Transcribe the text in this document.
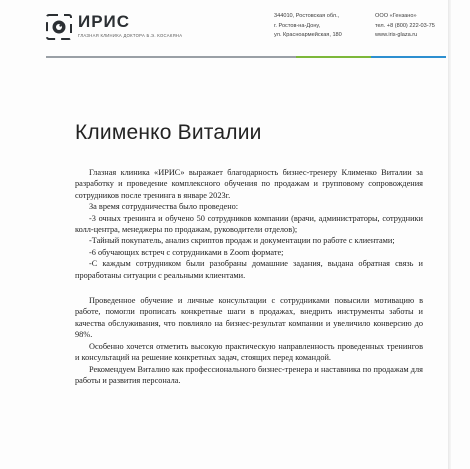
ИРИС
ГЛАЗНАЯ КЛИНИКА ДОКТОРА Б.Э. КОСАКЯНА
344010, Ростовская обл.,
г. Ростов-на-Дону,
ул. Красноармейская, 180
ООО «Гензано»
тел. +8 (800) 222-03-75
www.iris-glaza.ru
Клименко Виталии

Глазная клиника «ИРИС» выражает благодарность бизнес-тренеру Клименко Виталии за разработку и проведение комплексного обучения по продажам и групповому сопровождения сотрудников после тренинга в январе 2023г.

За время сотрудничества было проведено:

-3 очных тренинга и обучено 50 сотрудников компании (врачи, администраторы, сотрудники колл-центра, менеджеры по продажам, руководители отделов);

-Тайный покупатель, анализ скриптов продаж и документации по работе с клиентами;

-6 обучающих встреч с сотрудниками в Zoom формате;

-С каждым сотрудником были разобраны домашние задания, выдана обратная связь и проработаны ситуации с реальными клиентами.

Проведенное обучение и личные консультации с сотрудниками повысили мотивацию в работе, помогли прописать конкретные шаги в продажах, внедрить инструменты заботы и качества обслуживания, что повлияло на бизнес-результат компании и увеличило конверсию до 98%.

Особенно хочется отметить высокую практическую направленность проведенных тренингов и консультаций на решение конкретных задач, стоящих перед командой.

Рекомендуем Виталию как профессионального бизнес-тренера и наставника по продажам для работы и развития персонала.
